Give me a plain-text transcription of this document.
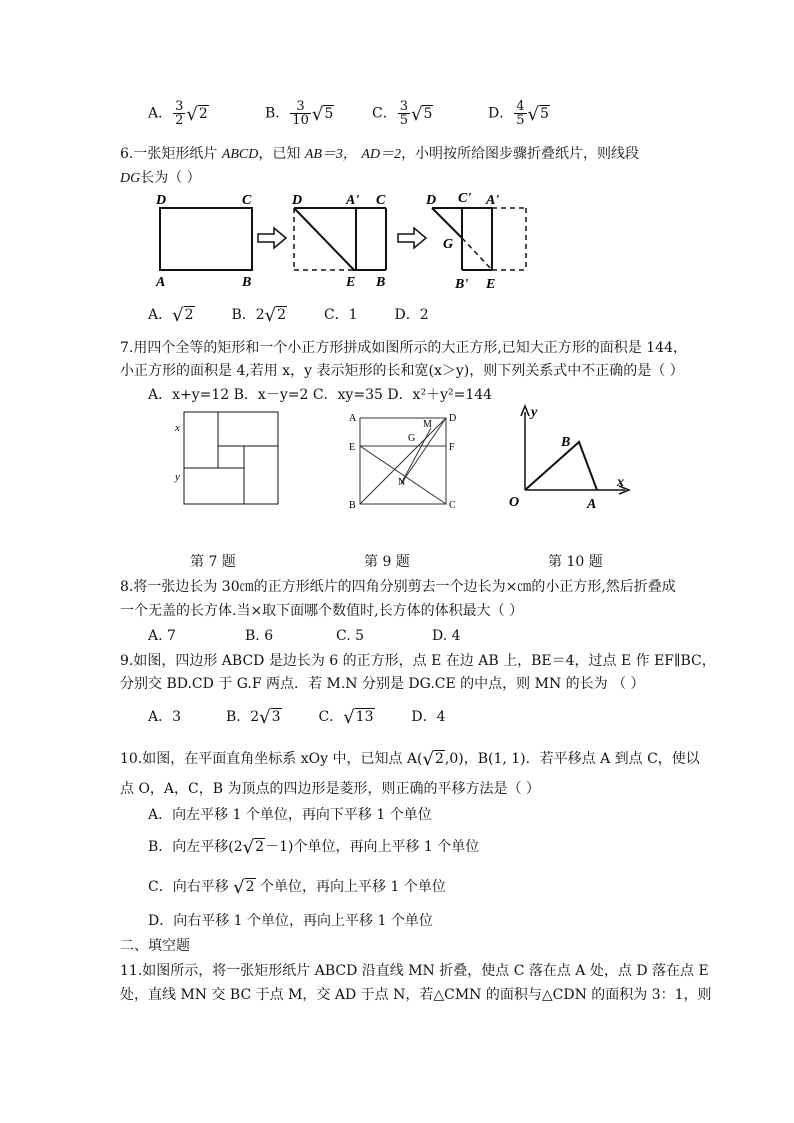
A． $\frac{3}{2} √2$	B． $\frac{3}{10} √5$	C． $\frac{3}{5} √5$	D． $\frac{4}{5} √5$
6.一张矩形纸片 ABCD，已知 AB＝3， AD＝2，小明按所给图步骤折叠纸片，则线段
DG长为（ ）
D	C
A	B
D	A' C
E B
D C' A'
G
B' E
A．√2	B．2√2	C．1	D．2
7.用四个全等的矩形和一个小正方形拼成如图所示的大正方形,已知大正方形的面积是 144，
小正方形的面积是 4,若用 x，y 表示矩形的长和宽(x＞y)，则下列关系式中不正确的是（ ）
A．x+y=12 B．x－y=2 C．xy=35 D．x²＋y²=144
x
y
A	D
E	F
M
G
N
B	C
y
B
x
O	A
第 7 题	第 9 题	第 10 题
8.将一张边长为 30㎝的正方形纸片的四角分别剪去一个边长为×㎝的小正方形,然后折叠成
一个无盖的长方体.当×取下面哪个数值时,长方体的体积最大（ ）
A. 7	B. 6	C. 5	D. 4
9.如图，四边形 ABCD 是边长为 6 的正方形，点 E 在边 AB 上，BE＝4，过点 E 作 EF∥BC，
分别交 BD.CD 于 G.F 两点．若 M.N 分别是 DG.CE 的中点，则 MN 的长为 （ ）
A．3	B．2√3	C．√13	D．4
10.如图，在平面直角坐标系 xOy 中，已知点 A(√2,0)，B(1, 1)．若平移点 A 到点 C，使以
点 O，A，C，B 为顶点的四边形是菱形，则正确的平移方法是（ ）
A．向左平移 1 个单位，再向下平移 1 个单位
B．向左平移(2√2－1)个单位，再向上平移 1 个单位
C．向右平移 √2 个单位，再向上平移 1 个单位
D．向右平移 1 个单位，再向上平移 1 个单位
二、填空题
11.如图所示，将一张矩形纸片 ABCD 沿直线 MN 折叠，使点 C 落在点 A 处，点 D 落在点 E
处，直线 MN 交 BC 于点 M，交 AD 于点 N，若△CMN 的面积与△CDN 的面积为 3：1，则
